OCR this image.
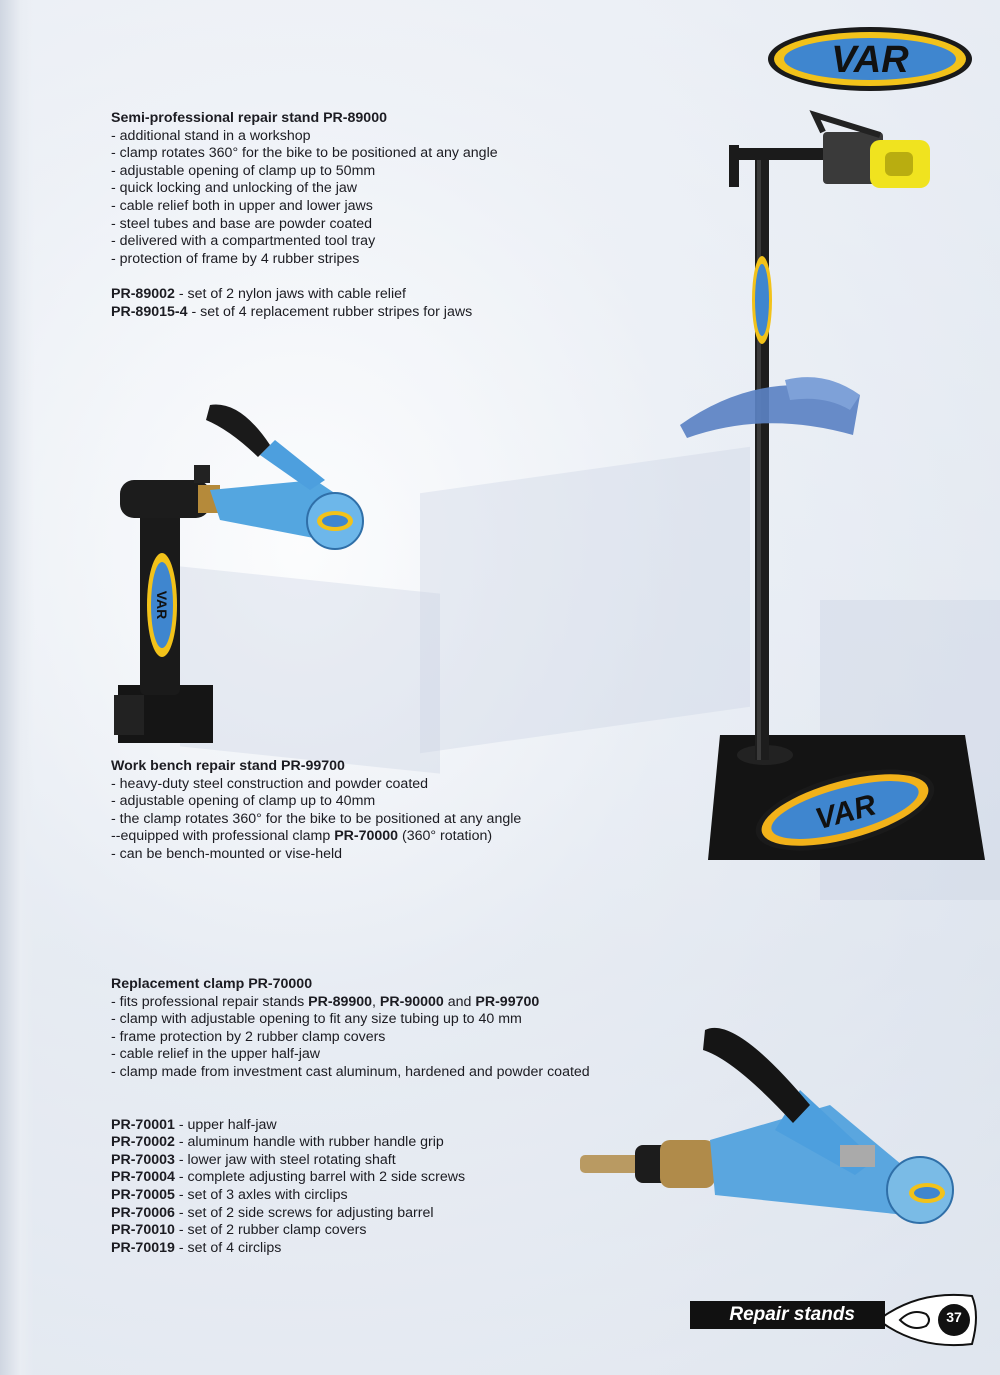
VAR
Semi-professional repair stand PR-89000
- additional stand in a workshop
- clamp rotates 360° for the bike to be positioned at any angle
- adjustable opening of clamp up to 50mm
- quick locking and unlocking of the jaw
- cable relief both in upper and lower jaws
- steel tubes and base are powder coated
- delivered with a compartmented tool tray
- protection of frame by 4 rubber stripes
PR-89002 - set of 2 nylon jaws with cable relief
PR-89015-4 - set of 4 replacement rubber stripes for jaws
Work bench repair stand PR-99700
- heavy-duty steel construction and powder coated
- adjustable opening of clamp up to 40mm
- the clamp rotates 360° for the bike to be positioned at any angle
-‑equipped with professional clamp PR-70000 (360° rotation)
- can be bench-mounted or vise-held
Replacement clamp PR-70000
- fits professional repair stands PR-89900, PR-90000 and PR-99700
- clamp with adjustable opening to fit any size tubing up to 40 mm
- frame protection by 2 rubber clamp covers
- cable relief in the upper half-jaw
- clamp made from investment cast aluminum, hardened and powder coated
PR-70001 - upper half-jaw
PR-70002 - aluminum handle with rubber handle grip
PR-70003 - lower jaw with steel rotating shaft
PR-70004 - complete adjusting barrel with 2 side screws
PR-70005 - set of 3 axles with circlips
PR-70006 - set of 2 side screws for adjusting barrel
PR-70010 - set of 2 rubber clamp covers
PR-70019 - set of 4 circlips
VAR
VAR
Repair stands	37
